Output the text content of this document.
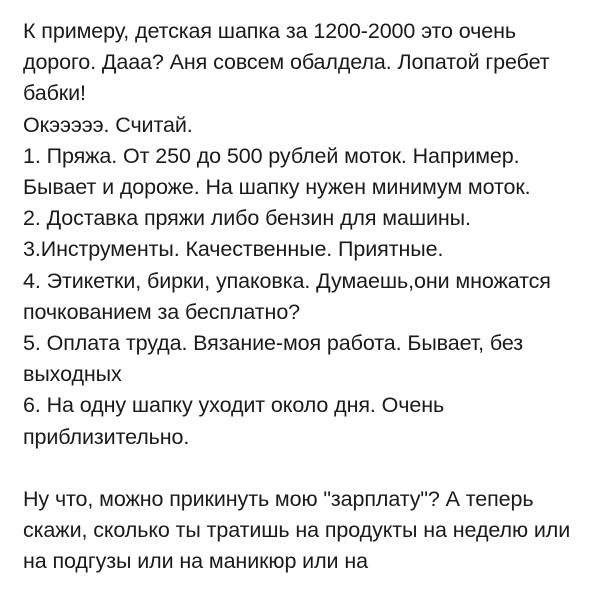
К примеру, детская шапка за 1200-2000 это очень дорого. Дааа? Аня совсем обалдела. Лопатой гребет бабки!

Окэээээ. Считай.

1. Пряжа. От 250 до 500 рублей моток. Например. Бывает и дороже. На шапку нужен минимум моток.

2. Доставка пряжи либо бензин для машины.

3.Инструменты. Качественные. Приятные.

4. Этикетки, бирки, упаковка. Думаешь,они множатся почкованием за бесплатно?

5. Оплата труда. Вязание-моя работа. Бывает, без выходных

6. На одну шапку уходит около дня. Очень приблизительно.

Ну что, можно прикинуть мою "зарплату"? А теперь скажи, сколько ты тратишь на продукты на неделю или на подгузы или на маникюр или на
